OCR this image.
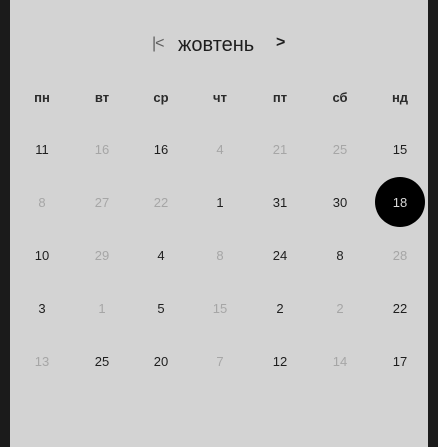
|< жовтень >
пн	вт	ср	чт	пт	сб	нд
11	16	16	4	21	25	15
8	27	22	1	31	30	18
10	29	4	8	24	8	28
3	1	5	15	2	2	22
13	25	20	7	12	14	17
